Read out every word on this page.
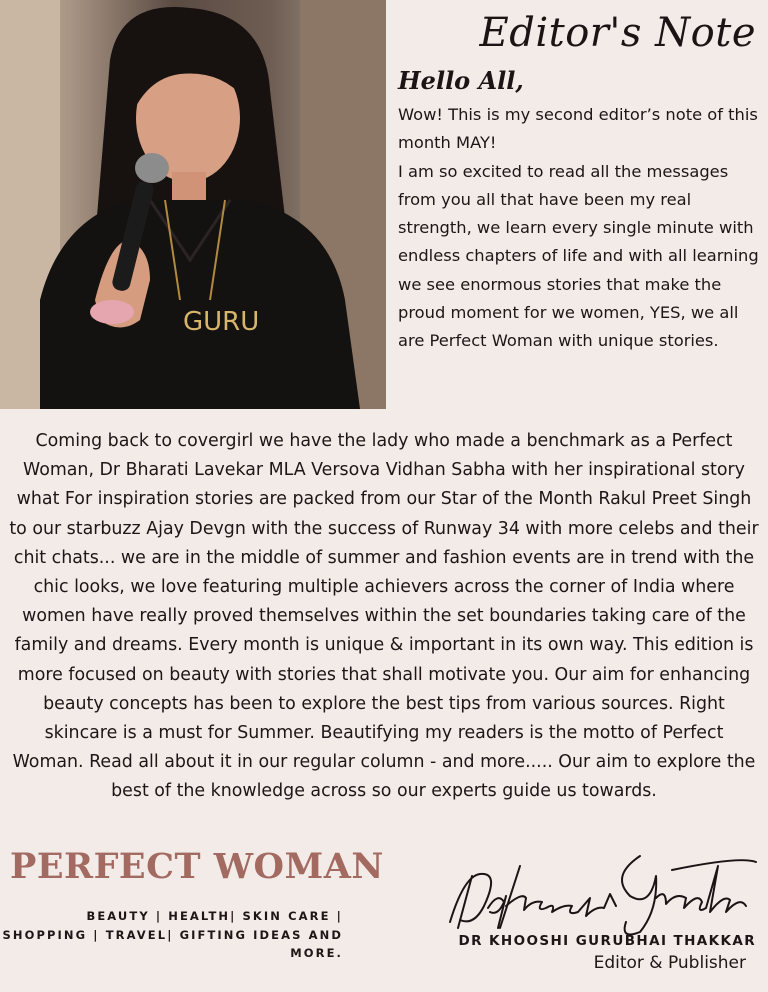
GURU
Editor's Note
Hello All,

Wow! This is my second editor’s note of this month MAY!

I am so excited to read all the messages from you all that have been my real strength, we learn every single minute with endless chapters of life and with all learning we see enormous stories that make the proud moment for we women, YES, we all are Perfect Woman with unique stories.

Coming back to covergirl we have the lady who made a benchmark as a Perfect Woman, Dr Bharati Lavekar MLA Versova Vidhan Sabha with her inspirational story what For inspiration stories are packed from our Star of the Month Rakul Preet Singh to our starbuzz Ajay Devgn with the success of Runway 34 with more celebs and their chit chats... we are in the middle of summer and fashion events are in trend with the chic looks, we love featuring multiple achievers across the corner of India where women have really proved themselves within the set boundaries taking care of the family and dreams. Every month is unique & important in its own way. This edition is more focused on beauty with stories that shall motivate you. Our aim for enhancing beauty concepts has been to explore the best tips from various sources. Right skincare is a must for Summer. Beautifying my readers is the motto of Perfect Woman. Read all about it in our regular column - and more..... Our aim to explore the best of the knowledge across so our experts guide us towards.
PERFECT WOMAN
BEAUTY | HEALTH| SKIN CARE | SHOPPING | TRAVEL| GIFTING IDEAS AND MORE.
DR KHOOSHI GURUBHAI THAKKAR
Editor & Publisher
